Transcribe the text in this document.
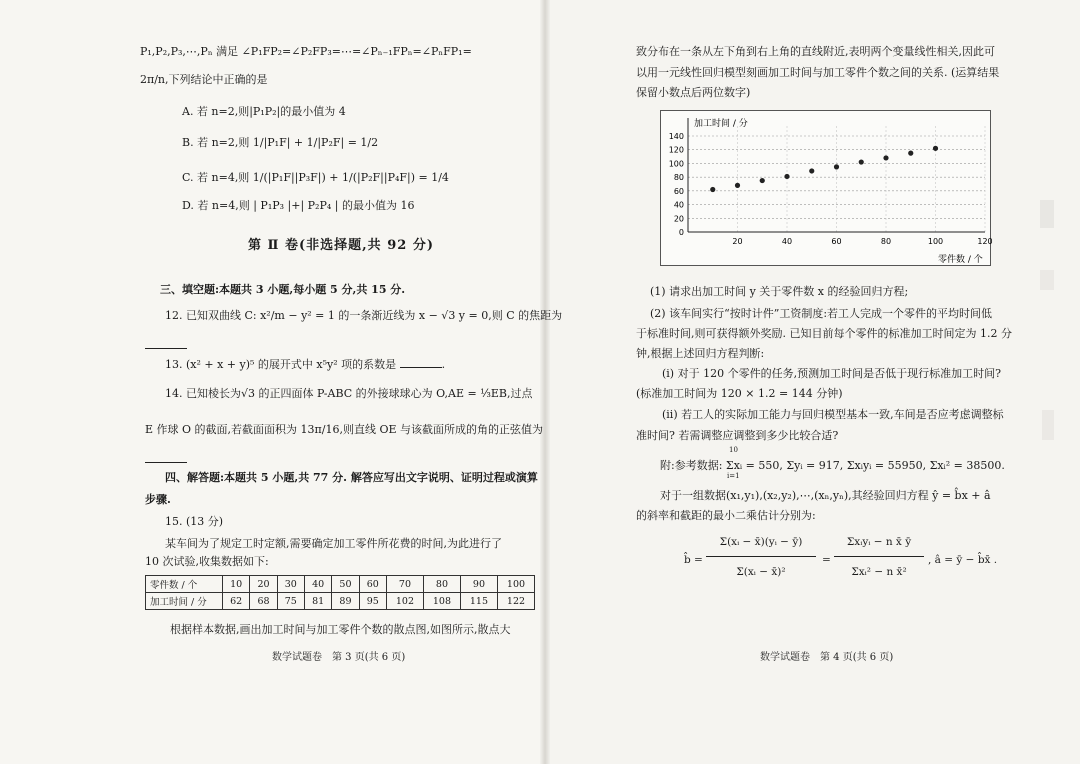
P₁,P₂,P₃,⋯,Pₙ 满足 ∠P₁FP₂=∠P₂FP₃=⋯=∠Pₙ₋₁FPₙ=∠PₙFP₁=
2π/n,下列结论中正确的是
A. 若 n=2,则|P₁P₂|的最小值为 4
B. 若 n=2,则 1/|P₁F| + 1/|P₂F| = 1/2
C. 若 n=4,则 1/(|P₁F||P₃F|) + 1/(|P₂F||P₄F|) = 1/4
D. 若 n=4,则 | P₁P₃ |+| P₂P₄ | 的最小值为 16
第 Ⅱ 卷(非选择题,共 92 分)
三、填空题:本题共 3 小题,每小题 5 分,共 15 分.
12. 已知双曲线 C: x²/m − y² = 1 的一条渐近线为 x − √3 y = 0,则 C 的焦距为
13. (x² + x + y)⁵ 的展开式中 x⁵y² 项的系数是	.
14. 已知棱长为√3 的正四面体 P-ABC 的外接球球心为 O,AE = ⅓EB,过点
E 作球 O 的截面,若截面面积为 13π/16,则直线 OE 与该截面所成的角的正弦值为
四、解答题:本题共 5 小题,共 77 分. 解答应写出文字说明、证明过程或演算
步骤.
15. (13 分)
某车间为了规定工时定额,需要确定加工零件所花费的时间,为此进行了
10 次试验,收集数据如下:
零件数 / 个	10	20	30	40	50	60	70	80	90	100
加工时间 / 分	62	68	75	81	89	95	102	108	115	122
根据样本数据,画出加工时间与加工零件个数的散点图,如图所示,散点大
数学试题卷　第 3 页(共 6 页)
致分布在一条从左下角到右上角的直线附近,表明两个变量线性相关,因此可
以用一元线性回归模型刻画加工时间与加工零件个数之间的关系. (运算结果
保留小数点后两位数字)
0
20
40
60
80
100
120
140
20	40	60	80	100	120
加工时间 / 分
零件数 / 个
(1) 请求出加工时间 y 关于零件数 x 的经验回归方程;
(2) 该车间实行“按时计件”工资制度:若工人完成一个零件的平均时间低
于标准时间,则可获得额外奖励. 已知目前每个零件的标准加工时间定为 1.2 分
钟,根据上述回归方程判断:
(i) 对于 120 个零件的任务,预测加工时间是否低于现行标准加工时间?
(标准加工时间为 120 × 1.2 = 144 分钟)
(ii) 若工人的实际加工能力与回归模型基本一致,车间是否应考虑调整标
准时间? 若需调整应调整到多少比较合适?
附:参考数据: Σxᵢ = 550, Σyᵢ = 917, Σxᵢyᵢ = 55950, Σxᵢ² = 38500.
10
i=1
对于一组数据(x₁,y₁),(x₂,y₂),⋯,(xₙ,yₙ),其经验回归方程 ŷ = b̂x + â
的斜率和截距的最小二乘估计分别为:
b̂ =
Σ(xᵢ − x̄)(yᵢ − ȳ)
Σ(xᵢ − x̄)²
=
Σxᵢyᵢ − n x̄ ȳ
Σxᵢ² − n x̄²
, â = ȳ − b̂x̄ .
数学试题卷　第 4 页(共 6 页)
